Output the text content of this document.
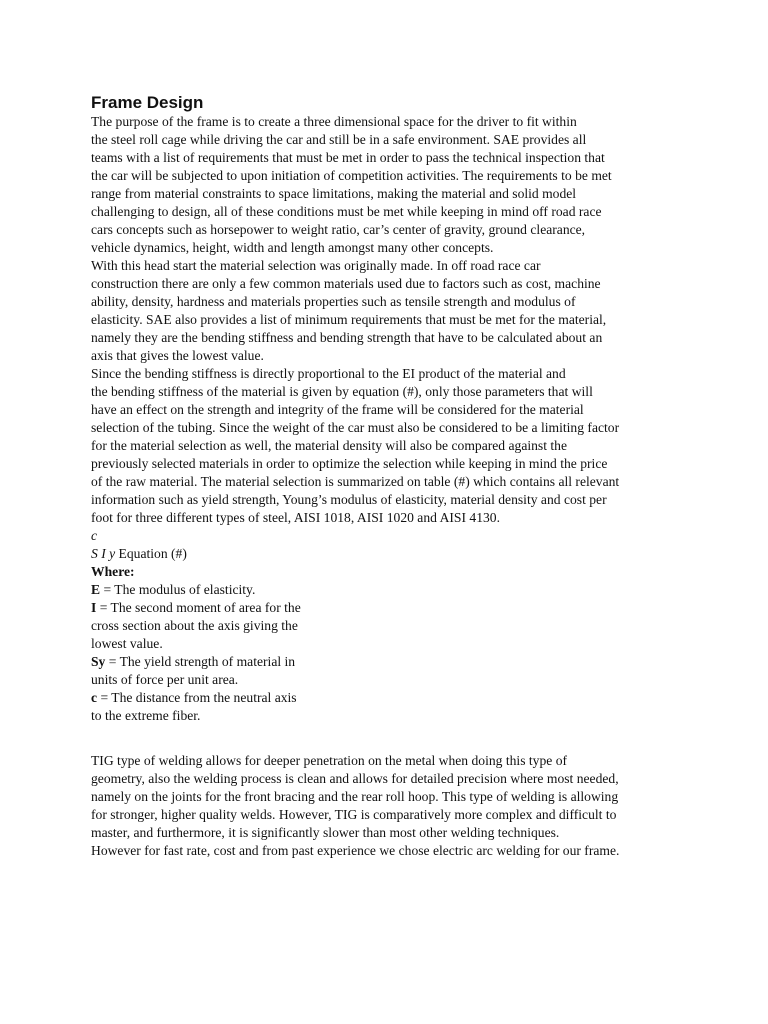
Frame Design
The purpose of the frame is to create a three dimensional space for the driver to fit within
the steel roll cage while driving the car and still be in a safe environment. SAE provides all
teams with a list of requirements that must be met in order to pass the technical inspection that
the car will be subjected to upon initiation of competition activities. The requirements to be met
range from material constraints to space limitations, making the material and solid model
challenging to design, all of these conditions must be met while keeping in mind off road race
cars concepts such as horsepower to weight ratio, car’s center of gravity, ground clearance,
vehicle dynamics, height, width and length amongst many other concepts.
With this head start the material selection was originally made. In off road race car
construction there are only a few common materials used due to factors such as cost, machine
ability, density, hardness and materials properties such as tensile strength and modulus of
elasticity. SAE also provides a list of minimum requirements that must be met for the material,
namely they are the bending stiffness and bending strength that have to be calculated about an
axis that gives the lowest value.
Since the bending stiffness is directly proportional to the EI product of the material and
the bending stiffness of the material is given by equation (#), only those parameters that will
have an effect on the strength and integrity of the frame will be considered for the material
selection of the tubing. Since the weight of the car must also be considered to be a limiting factor
for the material selection as well, the material density will also be compared against the
previously selected materials in order to optimize the selection while keeping in mind the price
of the raw material. The material selection is summarized on table (#) which contains all relevant
information such as yield strength, Young’s modulus of elasticity, material density and cost per
foot for three different types of steel, AISI 1018, AISI 1020 and AISI 4130.
c
S I y Equation (#)
Where:
E = The modulus of elasticity.
I = The second moment of area for the
cross section about the axis giving the
lowest value.
Sy = The yield strength of material in
units of force per unit area.
c = The distance from the neutral axis
to the extreme fiber.
TIG type of welding allows for deeper penetration on the metal when doing this type of
geometry, also the welding process is clean and allows for detailed precision where most needed,
namely on the joints for the front bracing and the rear roll hoop. This type of welding is allowing
for stronger, higher quality welds. However, TIG is comparatively more complex and difficult to
master, and furthermore, it is significantly slower than most other welding techniques.
However for fast rate, cost and from past experience we chose electric arc welding for our frame.
